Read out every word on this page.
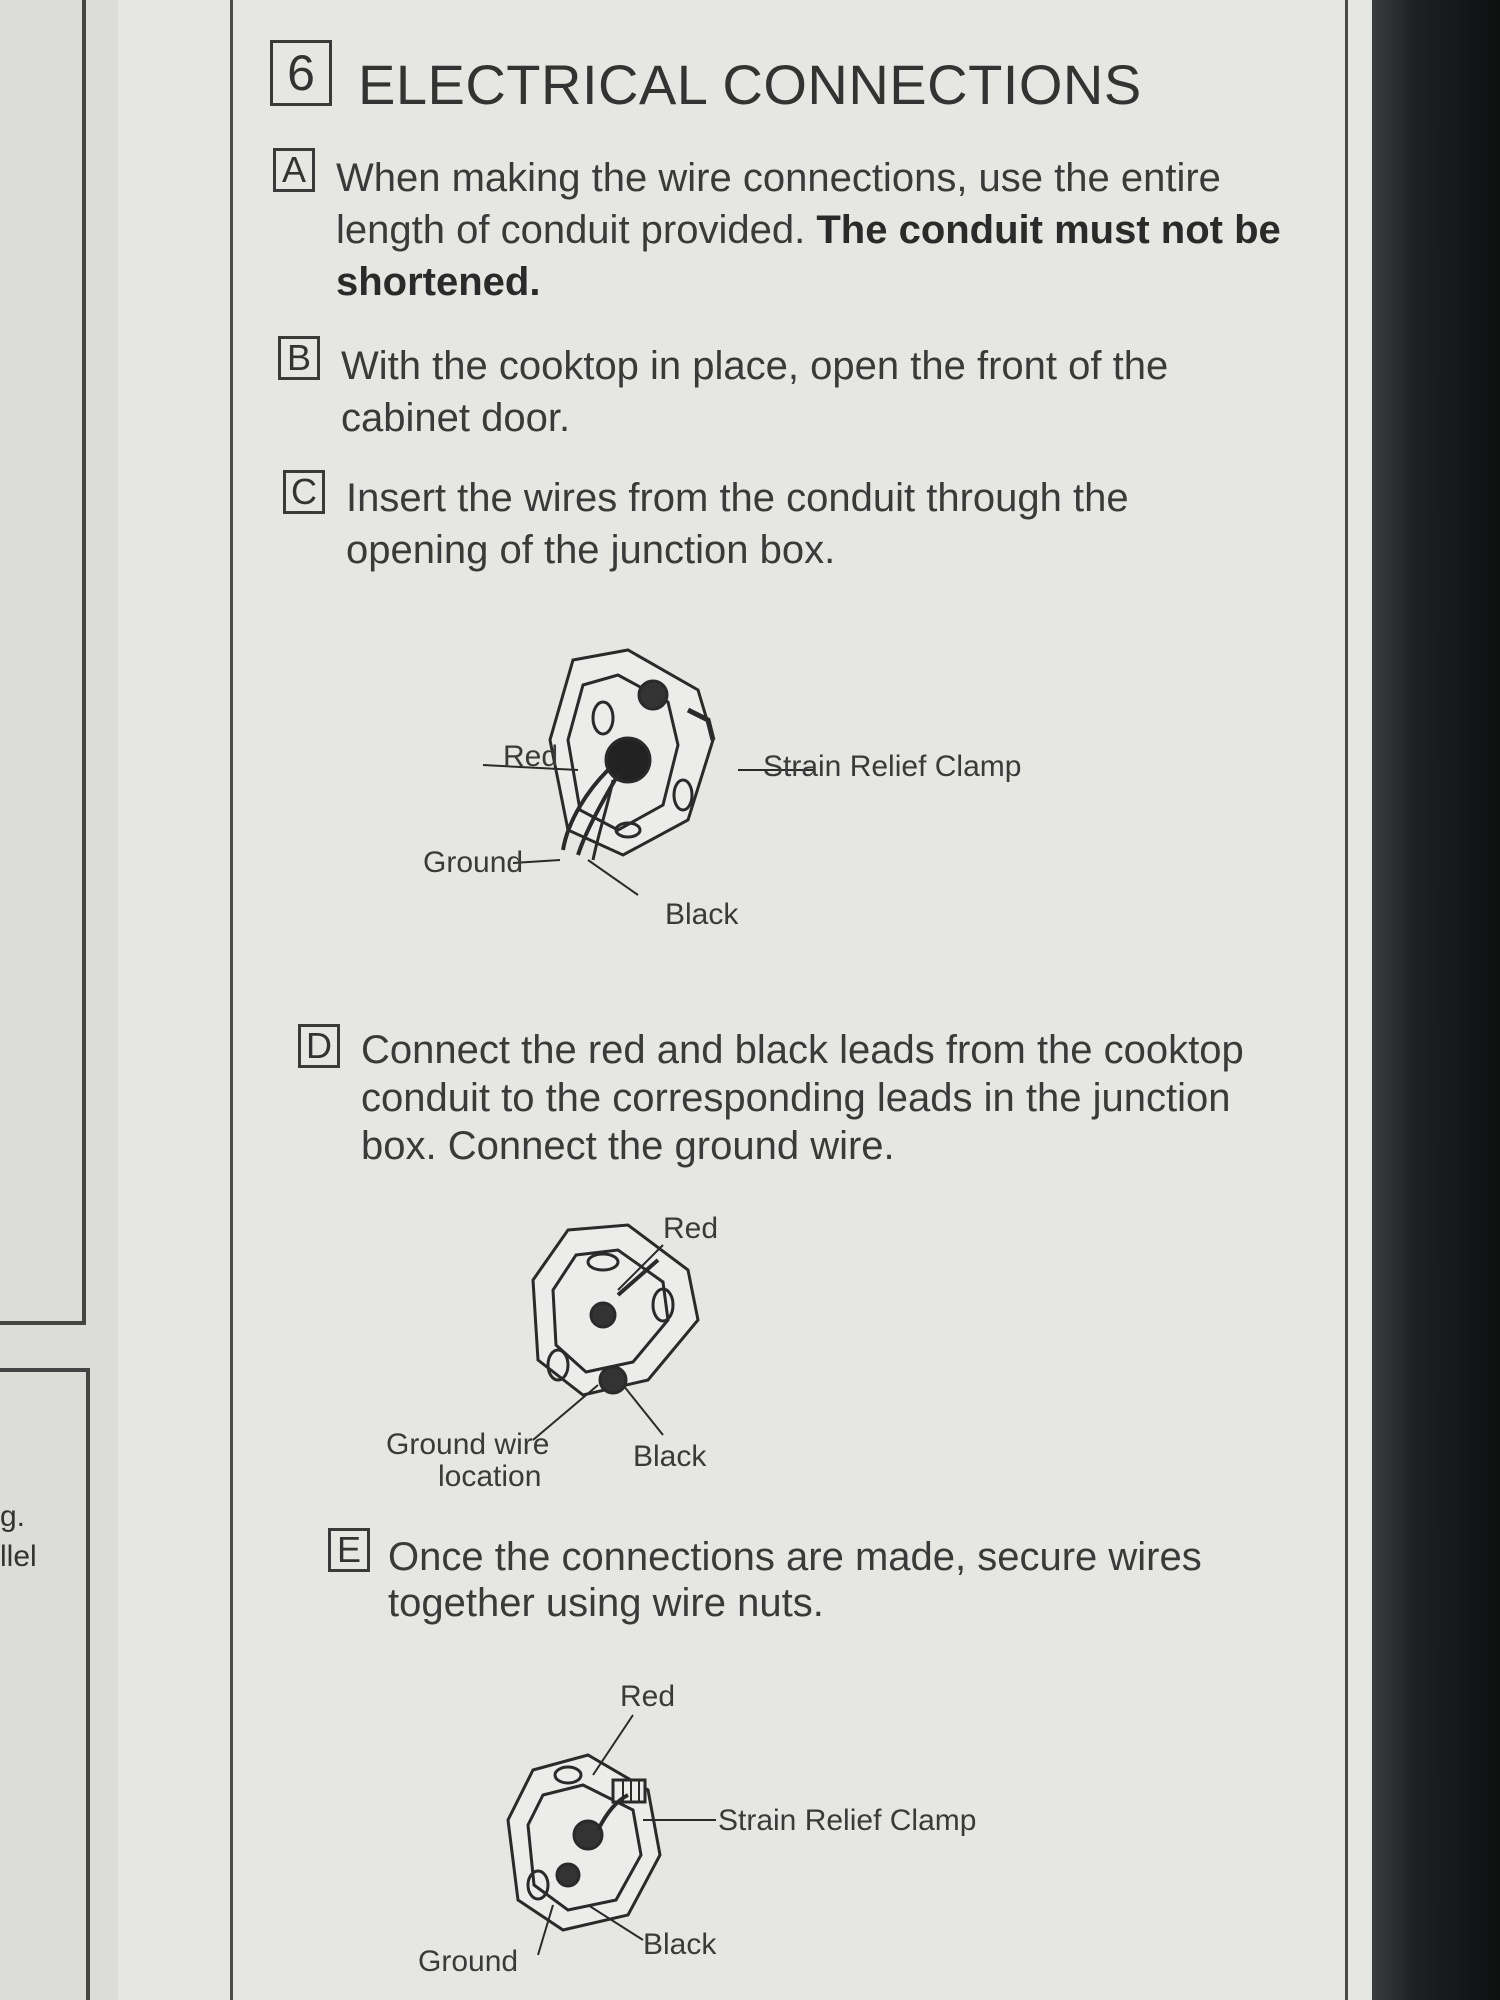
g.
llel
6 ELECTRICAL CONNECTIONS
A When making the wire connections, use the entire length of conduit provided. The conduit must not be shortened.
B With the cooktop in place, open the front of the cabinet door.
C Insert the wires from the conduit through the opening of the junction box.
Red
Ground
Strain Relief Clamp
Black
D Connect the red and black leads from the cooktop conduit to the corresponding leads in the junction box. Connect the ground wire.
Red
Ground wire
location
Black
E Once the connections are made, secure wires together using wire nuts.
Red
Strain Relief Clamp
Ground
Black
